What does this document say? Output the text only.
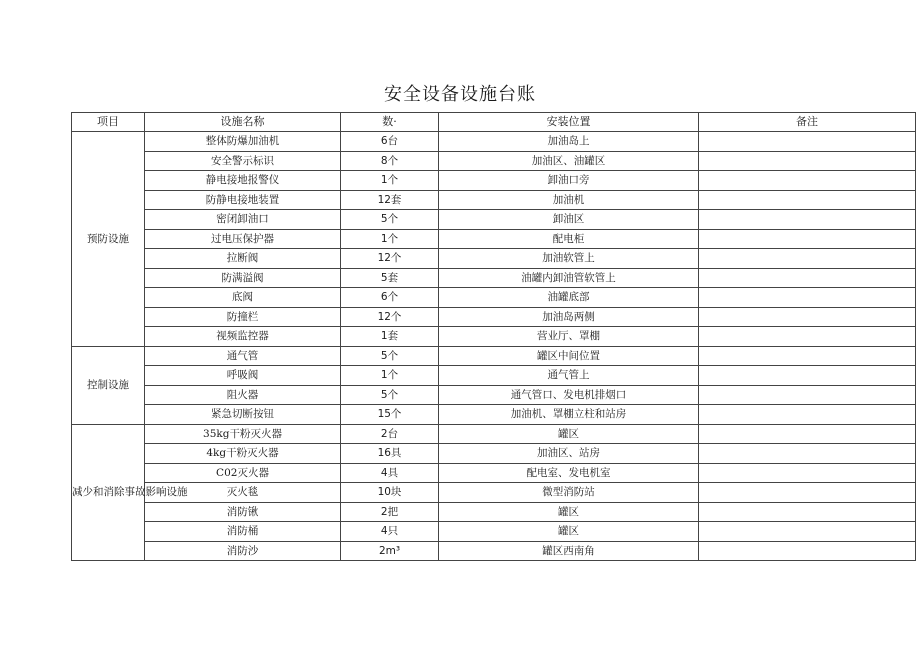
安全设备设施台账
项目	设施名称	数·	安装位置	备注
预防设施	整体防爆加油机	6台	加油岛上	
	安全警示标识	8个	加油区、油罐区	
	静电接地报警仪	1个	卸油口旁	
	防静电接地装置	12套	加油机	
	密闭卸油口	5个	卸油区	
	过电压保护器	1个	配电柜	
	拉断阀	12个	加油软管上	
	防满溢阀	5套	油罐内卸油管软管上	
	底阀	6个	油罐底部	
	防撞栏	12个	加油岛两侧	
	视频监控器	1套	营业厅、罩棚	
控制设施	通气管	5个	罐区中间位置	
	呼吸阀	1个	通气管上	
	阻火器	5个	通气管口、发电机排烟口	
	紧急切断按钮	15个	加油机、罩棚立柱和站房	
减少和消除事故影响设施	35kg干粉灭火器	2台	罐区	
	4kg干粉灭火器	16具	加油区、站房	
	C02灭火器	4具	配电室、发电机室	
	灭火毯	10块	微型消防站	
	消防锹	2把	罐区	
	消防桶	4只	罐区	
	消防沙	2m³	罐区西南角	
